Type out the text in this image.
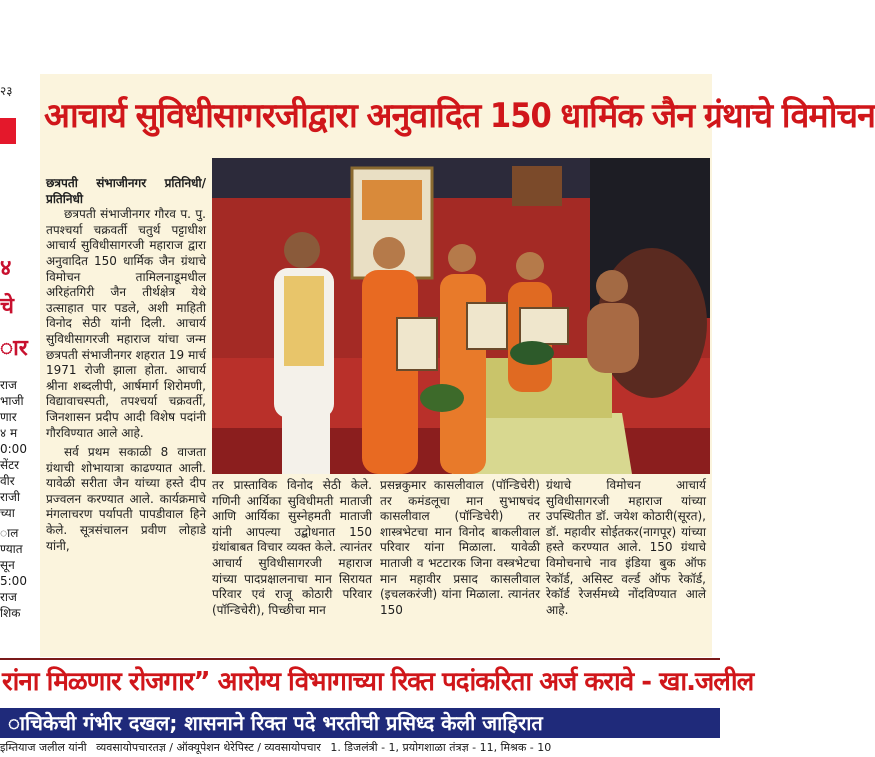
२३
४
चे
ार
राज
भाजी
णार
४ म
0:00
सेंटर
वीर
राजी
च्या
ाल
ण्यात
सून
5:00
राज
शिक
आचार्य सुविधीसागरजीद्वारा अनुवादित 150 धार्मिक जैन ग्रंथाचे विमोचन

छत्रपती संभाजीनगर प्रतिनिधी/प्रतिनिधी

छत्रपती संभाजीनगर गौरव प. पु. तपश्चर्या चक्रवर्ती चतुर्थ पट्टाधीश आचार्य सुविधीसागरजी महाराज द्वारा अनुवादित 150 धार्मिक जैन ग्रंथाचे विमोचन तामिलनाडूमधील अरिहंतगिरी जैन तीर्थक्षेत्र येथे उत्साहात पार पडले, अशी माहिती विनोद सेठी यांनी दिली. आचार्य सुविधीसागरजी महाराज यांचा जन्म छत्रपती संभाजीनगर शहरात 19 मार्च 1971 रोजी झाला होता. आचार्य श्रीना शब्दलीपी, आर्षमार्ग शिरोमणी, विद्यावाचस्पती, तपश्चर्या चक्रवर्ती, जिनशासन प्रदीप आदी विशेष पदांनी गौरविण्यात आले आहे.

सर्व प्रथम सकाळी 8 वाजता ग्रंथाची शोभायात्रा काढण्यात आली. यावेळी सरीता जैन यांच्या हस्ते दीप प्रज्वलन करण्यात आले. कार्यक्रमाचे मंगलाचरण पर्यापती पापडीवाल हिने केले. सूत्रसंचालन प्रवीण लोहाडे यांनी,

तर प्रास्ताविक विनोद सेठी केले. गणिनी आर्यिका सुविधीमती माताजी आणि आर्यिका सुस्नेहमती माताजी यांनी आपल्या उद्बोधनात 150 ग्रंथांबाबत विचार व्यक्त केले. त्यानंतर आचार्य सुविधीसागरजी महाराज यांच्या पादप्रक्षालनाचा मान सिरायत परिवार एवं राजू कोठारी परिवार (पॉन्डिचेरी), पिच्छीचा मान
प्रसन्नकुमार कासलीवाल (पॉन्डिचेरी) तर कमंडलूचा मान सुभाषचंद कासलीवाल (पॉन्डिचेरी) तर शास्त्रभेटचा मान विनोद बाकलीवाल परिवार यांना मिळाला. यावेळी माताजी व भटटारक जिना वस्त्रभेटचा मान महावीर प्रसाद कासलीवाल (इचलकरंजी) यांना मिळाला. त्यानंतर 150
ग्रंथाचे विमोचन आचार्य सुविधीसागरजी महाराज यांच्या उपस्थितीत डॉ. जयेश कोठारी(सूरत), डॉ. महावीर सोईतकर(नागपूर) यांच्या हस्ते करण्यात आले. 150 ग्रंथाचे विमोचनाचे नाव इंडिया बुक ऑफ रेकॉर्ड, असिस्ट वर्ल्ड ऑफ रेकॉर्ड, रेकॉर्ड रेजर्समध्ये नोंदविण्यात आले आहे.
रांना मिळणार रोजगार” आरोग्य विभागाच्या रिक्त पदांकरिता अर्ज करावे - खा.जलील
ाचिकेची गंभीर दखल; शासनाने रिक्त पदे भरतीची प्रसिध्द केली जाहिरात
इम्तियाज जलील यांनी व्यवसायोपचारतज्ञ / ऑक्यूपेशन थेरेपिस्ट / व्यवसायोपचार 1. डिजलंत्री - 1, प्रयोगशाळा तंत्रज्ञ - 11, मिश्रक - 10
